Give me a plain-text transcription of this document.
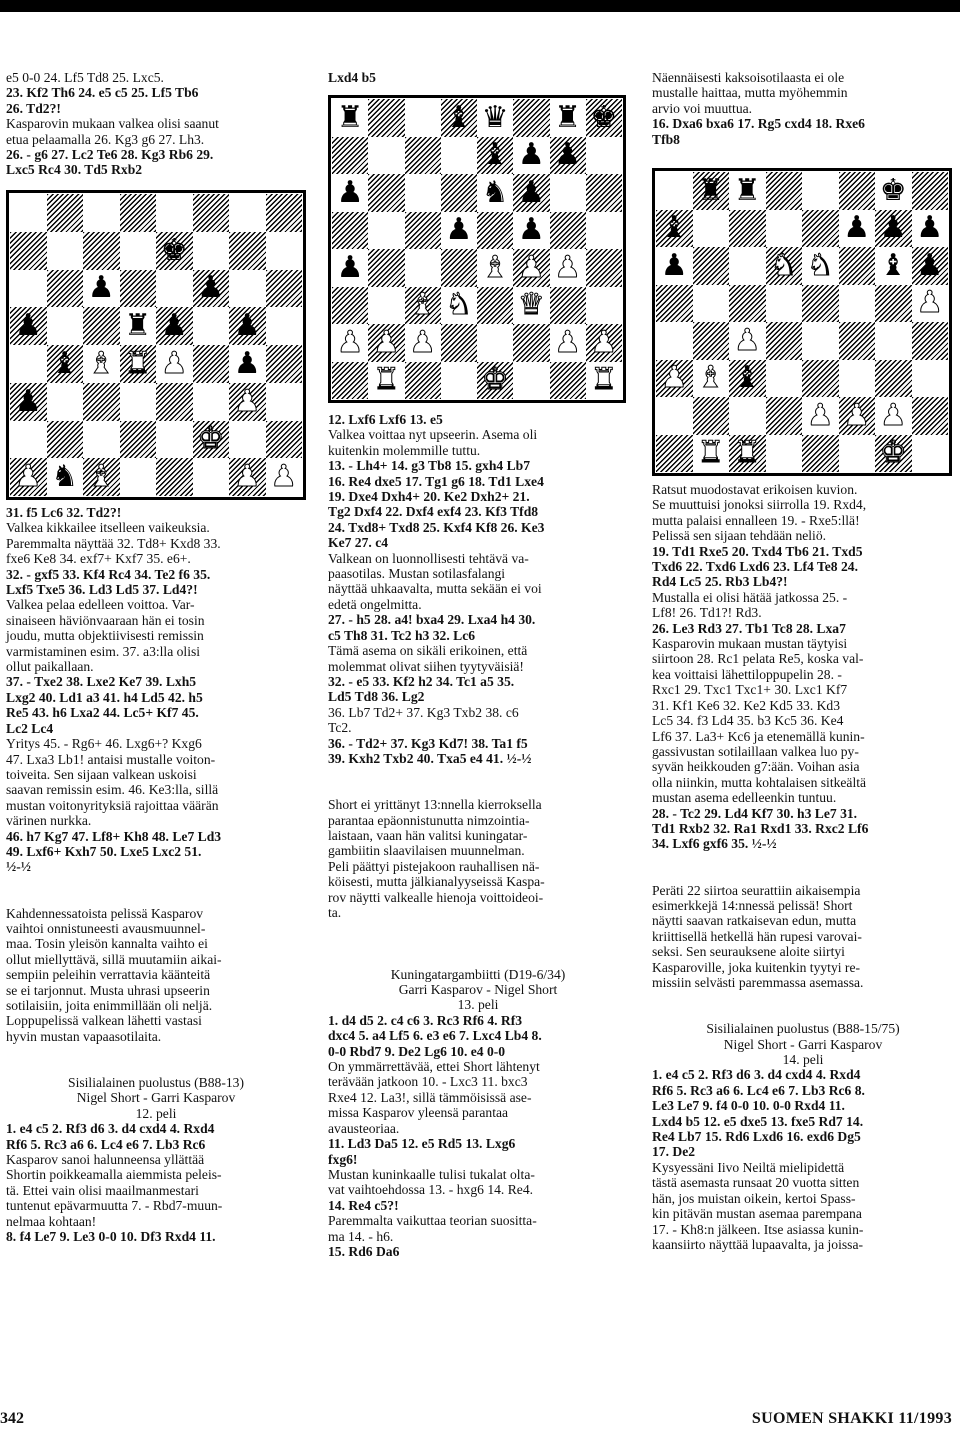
e5 0-0 24. Lf5 Td8 25. Lxc5.

23. Kf2 Th6 24. e5 c5 25. Lf5 Tb6

26. Td2?!

Kasparovin mukaan valkea olisi saanut

etua pelaamalla 26. Kg3 g6 27. Lh3.

26. - g6 27. Lc2 Te6 28. Kg3 Rb6 29.

Lxc5 Rc4 30. Td5 Rxb2

♚
♟	♟
♟	♜ ♟ ♟
♝ ♝ ♜ ♟ ♟
♟	♟
♚
♟ ♞ ♝	♟ ♟

31. f5 Lc6 32. Td2?!

Valkea kikkailee itselleen vaikeuksia.

Paremmalta näyttää 32. Td8+ Kxd8 33.

fxe6 Ke8 34. exf7+ Kxf7 35. e6+.

32. - gxf5 33. Kf4 Rc4 34. Te2 f6 35.

Lxf5 Txe5 36. Ld3 Ld5 37. Ld4?!

Valkea pelaa edelleen voittoa. Var-

sinaiseen häviönvaaraan hän ei tosin

joudu, mutta objektiivisesti remissin

varmistaminen esim. 37. a3:lla olisi

ollut paikallaan.

37. - Txe2 38. Lxe2 Ke7 39. Lxh5

Lxg2 40. Ld1 a3 41. h4 Ld5 42. h5

Re5 43. h6 Lxa2 44. Lc5+ Kf7 45.

Lc2 Lc4

Yritys 45. - Rg6+ 46. Lxg6+? Kxg6

47. Lxa3 Lb1! antaisi mustalle voiton-

toiveita. Sen sijaan valkean uskoisi

saavan remissin esim. 46. Ke3:lla, sillä

mustan voitonyrityksiä rajoittaa väärän

värinen nurkka.

46. h7 Kg7 47. Lf8+ Kh8 48. Le7 Ld3

49. Lxf6+ Kxh7 50. Lxe5 Lxc2 51.

½-½

Kahdennessatoista pelissä Kasparov

vaihtoi onnistuneesti avausmuunnel-

maa. Tosin yleisön kannalta vaihto ei

ollut miellyttävä, sillä muutamiin aikai-

sempiin peleihin verrattavia käänteitä

se ei tarjonnut. Musta uhrasi upseerin

sotilaisiin, joita enimmillään oli neljä.

Loppupelissä valkean lähetti vastasi

hyvin mustan vapaasotilaita.

Sisilialainen puolustus (B88-13)

Nigel Short - Garri Kasparov

12. peli

1. e4 c5 2. Rf3 d6 3. d4 cxd4 4. Rxd4

Rf6 5. Rc3 a6 6. Lc4 e6 7. Lb3 Rc6

Kasparov sanoi halunneensa yllättää

Shortin poikkeamalla aiemmista peleis-

tä. Ettei vain olisi maailmanmestari

tuntenut epävarmuutta 7. - Rbd7-muun-

nelmaa kohtaan!

8. f4 Le7 9. Le3 0-0 10. Df3 Rxd4 11.

Lxd4 b5
♜	♝ ♛ ♜ ♚
♝ ♟ ♟
♟	♞ ♟
♟ ♟
♟	♝ ♟ ♟
♝ ♞ ♛
♟ ♟ ♟	♟ ♟
♜	♚	♜

12. Lxf6 Lxf6 13. e5

Valkea voittaa nyt upseerin. Asema oli

kuitenkin molemmille tuttu.

13. - Lh4+ 14. g3 Tb8 15. gxh4 Lb7

16. Re4 dxe5 17. Tg1 g6 18. Td1 Lxe4

19. Dxe4 Dxh4+ 20. Ke2 Dxh2+ 21.

Tg2 Dxf4 22. Dxf4 exf4 23. Kf3 Tfd8

24. Txd8+ Txd8 25. Kxf4 Kf8 26. Ke3

Ke7 27. c4

Valkean on luonnollisesti tehtävä va-

paasotilas. Mustan sotilasfalangi

näyttää uhkaavalta, mutta sekään ei voi

edetä ongelmitta.

27. - h5 28. a4! bxa4 29. Lxa4 h4 30.

c5 Th8 31. Tc2 h3 32. Lc6

Tämä asema on sikäli erikoinen, että

molemmat olivat siihen tyytyväisiä!

32. - e5 33. Kf2 h2 34. Tc1 a5 35.

Ld5 Td8 36. Lg2

36. Lb7 Td2+ 37. Kg3 Txb2 38. c6

Tc2.

36. - Td2+ 37. Kg3 Kd7! 38. Ta1 f5

39. Kxh2 Txb2 40. Txa5 e4 41. ½-½

Short ei yrittänyt 13:nnella kierroksella

parantaa epäonnistunutta nimzointia-

laistaan, vaan hän valitsi kuningatar-

gambiitin slaavilaisen muunnelman.

Peli päättyi pistejakoon rauhallisen nä-

köisesti, mutta jälkianalyyseissä Kaspa-

rov näytti valkealle hienoja voittoideoi-

ta.

Kuningatargambiitti (D19-6/34)

Garri Kasparov - Nigel Short

13. peli

1. d4 d5 2. c4 c6 3. Rc3 Rf6 4. Rf3

dxc4 5. a4 Lf5 6. e3 e6 7. Lxc4 Lb4 8.

0-0 Rbd7 9. De2 Lg6 10. e4 0-0

On ymmärrettävää, ettei Short lähtenyt

terävään jatkoon 10. - Lxc3 11. bxc3

Rxe4 12. La3!, sillä tämmöisissä ase-

missa Kasparov yleensä parantaa

avausteoriaa.

11. Ld3 Da5 12. e5 Rd5 13. Lxg6

fxg6!

Mustan kuninkaalle tulisi tukalat olta-

vat vaihtoehdossa 13. - hxg6 14. Re4.

14. Re4 c5?!

Paremmalta vaikuttaa teorian suositta-

ma 14. - h6.

15. Rd6 Da6

Näennäisesti kaksoisotilaasta ei ole

mustalle haittaa, mutta myöhemmin

arvio voi muuttua.

16. Dxa6 bxa6 17. Rg5 cxd4 18. Rxe6

Tfb8

♜ ♜	♚
♝	♟ ♟ ♟
♟	♞ ♞ ♝ ♟
♟
♟
♟ ♝ ♝
♟ ♟ ♟
♜ ♜	♚

Ratsut muodostavat erikoisen kuvion.

Se muuttuisi jonoksi siirrolla 19. Rxd4,

mutta palaisi ennalleen 19. - Rxe5:llä!

Pelissä sen sijaan tehdään neliö.

19. Td1 Rxe5 20. Txd4 Tb6 21. Txd5

Txd6 22. Txd6 Lxd6 23. Lf4 Te8 24.

Rd4 Lc5 25. Rb3 Lb4?!

Mustalla ei olisi hätää jatkossa 25. -

Lf8! 26. Td1?! Rd3.

26. Le3 Rd3 27. Tb1 Tc8 28. Lxa7

Kasparovin mukaan mustan täytyisi

siirtoon 28. Rc1 pelata Re5, koska val-

kea voittaisi lähettiloppupelin 28. -

Rxc1 29. Txc1 Txc1+ 30. Lxc1 Kf7

31. Kf1 Ke6 32. Ke2 Kd5 33. Kd3

Lc5 34. f3 Ld4 35. b3 Kc5 36. Ke4

Lf6 37. La3+ Kc6 ja etenemällä kunin-

gassivustan sotilaillaan valkea luo py-

syvän heikkouden g7:ään. Voihan asia

olla niinkin, mutta kohtalaisen sitkeältä

mustan asema edelleenkin tuntuu.

28. - Tc2 29. Ld4 Kf7 30. h3 Le7 31.

Td1 Rxb2 32. Ra1 Rxd1 33. Rxc2 Lf6

34. Lxf6 gxf6 35. ½-½

Peräti 22 siirtoa seurattiin aikaisempia

esimerkkejä 14:nnessä pelissä! Short

näytti saavan ratkaisevan edun, mutta

kriittisellä hetkellä hän rupesi varovai-

seksi. Sen seurauksene aloite siirtyi

Kasparoville, joka kuitenkin tyytyi re-

missiin selvästi paremmassa asemassa.

Sisilialainen puolustus (B88-15/75)

Nigel Short - Garri Kasparov

14. peli

1. e4 c5 2. Rf3 d6 3. d4 cxd4 4. Rxd4

Rf6 5. Rc3 a6 6. Lc4 e6 7. Lb3 Rc6 8.

Le3 Le7 9. f4 0-0 10. 0-0 Rxd4 11.

Lxd4 b5 12. e5 dxe5 13. fxe5 Rd7 14.

Re4 Lb7 15. Rd6 Lxd6 16. exd6 Dg5

17. De2

Kysyessäni Iivo Neiltä mielipidettä

tästä asemasta runsaat 20 vuotta sitten

hän, jos muistan oikein, kertoi Spass-

kin pitävän mustan asemaa parempana

17. - Kh8:n jälkeen. Itse asiassa kunin-

kaansiirto näyttää lupaavalta, ja joissa-

342	SUOMEN SHAKKI 11/1993
